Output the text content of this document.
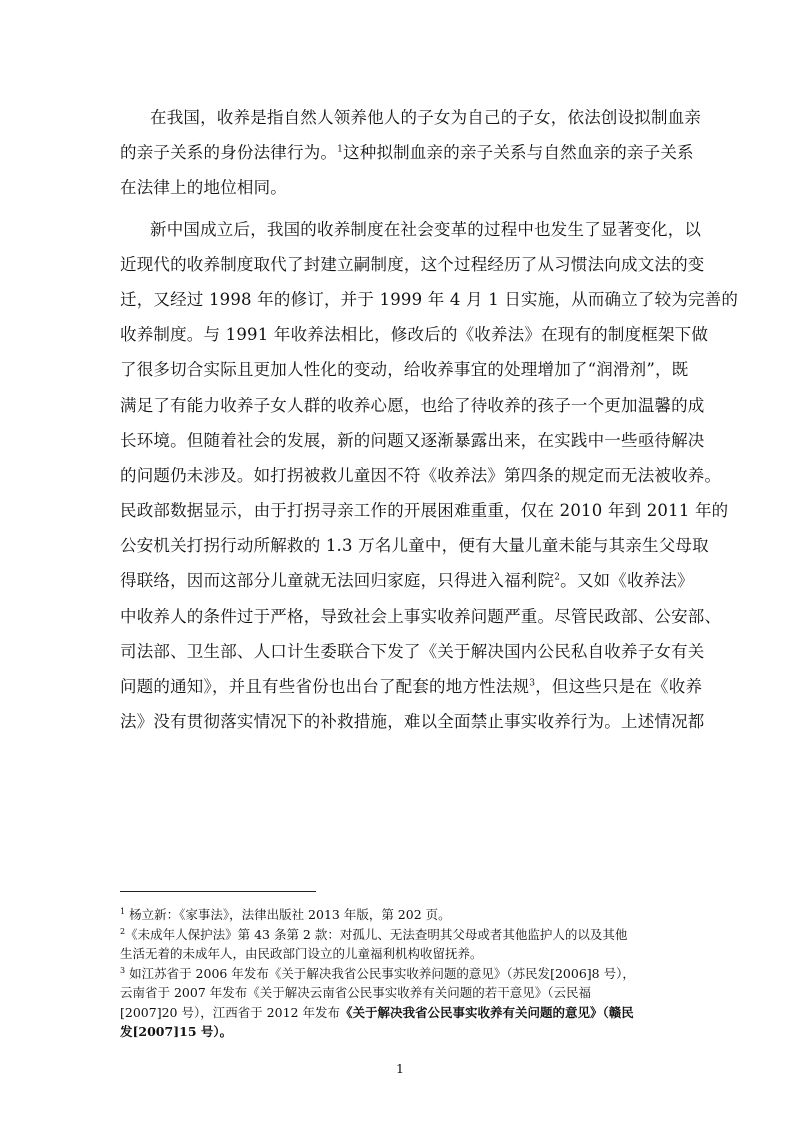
在我国，收养是指自然人领养他人的子女为自己的子女，依法创设拟制血亲
的亲子关系的身份法律行为。$^1$这种拟制血亲的亲子关系与自然血亲的亲子关系
在法律上的地位相同。
新中国成立后，我国的收养制度在社会变革的过程中也发生了显著变化，以
近现代的收养制度取代了封建立嗣制度，这个过程经历了从习惯法向成文法的变
迁，又经过 1998 年的修订，并于 1999 年 4 月 1 日实施，从而确立了较为完善的
收养制度。与 1991 年收养法相比，修改后的《收养法》在现有的制度框架下做
了很多切合实际且更加人性化的变动，给收养事宜的处理增加了“润滑剂”，既
满足了有能力收养子女人群的收养心愿，也给了待收养的孩子一个更加温馨的成
长环境。但随着社会的发展，新的问题又逐渐暴露出来，在实践中一些亟待解决
的问题仍未涉及。如打拐被救儿童因不符《收养法》第四条的规定而无法被收养。
民政部数据显示，由于打拐寻亲工作的开展困难重重，仅在 2010 年到 2011 年的
公安机关打拐行动所解救的 1.3 万名儿童中，便有大量儿童未能与其亲生父母取
得联络，因而这部分儿童就无法回归家庭，只得进入福利院$^2$。又如《收养法》
中收养人的条件过于严格，导致社会上事实收养问题严重。尽管民政部、公安部、
司法部、卫生部、人口计生委联合下发了《关于解决国内公民私自收养子女有关
问题的通知》，并且有些省份也出台了配套的地方性法规$^3$，但这些只是在《收养
法》没有贯彻落实情况下的补救措施，难以全面禁止事实收养行为。上述情况都
$^1$ 杨立新：《家事法》，法律出版社 2013 年版，第 202 页。
$^2$《未成年人保护法》第 43 条第 2 款：对孤儿、无法查明其父母或者其他监护人的以及其他
生活无着的未成年人，由民政部门设立的儿童福利机构收留抚养。
$^3$ 如江苏省于 2006 年发布《关于解决我省公民事实收养问题的意见》（苏民发[2006]8 号），
云南省于 2007 年发布《关于解决云南省公民事实收养有关问题的若干意见》（云民福
[2007]20 号），江西省于 2012 年发布《关于解决我省公民事实收养有关问题的意见》（赣民
发[2007]15 号）。
1
